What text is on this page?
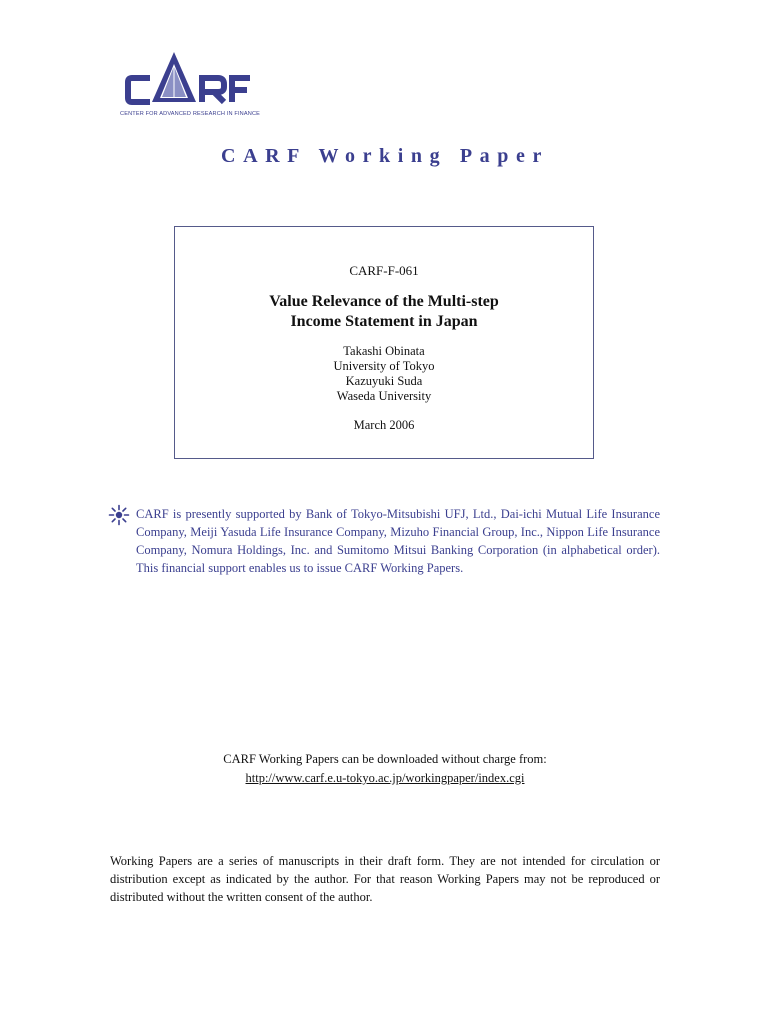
CENTER FOR ADVANCED RESEARCH IN FINANCE
CARF Working Paper
CARF-F-061
Value Relevance of the Multi-step
Income Statement in Japan
Takashi Obinata
University of Tokyo
Kazuyuki Suda
Waseda University
March 2006
CARF is presently supported by Bank of Tokyo-Mitsubishi UFJ, Ltd., Dai-ichi Mutual Life Insurance Company, Meiji Yasuda Life Insurance Company, Mizuho Financial Group, Inc., Nippon Life Insurance Company, Nomura Holdings, Inc. and Sumitomo Mitsui Banking Corporation (in alphabetical order). This financial support enables us to issue CARF Working Papers.
CARF Working Papers can be downloaded without charge from:
http://www.carf.e.u-tokyo.ac.jp/workingpaper/index.cgi
Working Papers are a series of manuscripts in their draft form. They are not intended for circulation or distribution except as indicated by the author. For that reason Working Papers may not be reproduced or distributed without the written consent of the author.
